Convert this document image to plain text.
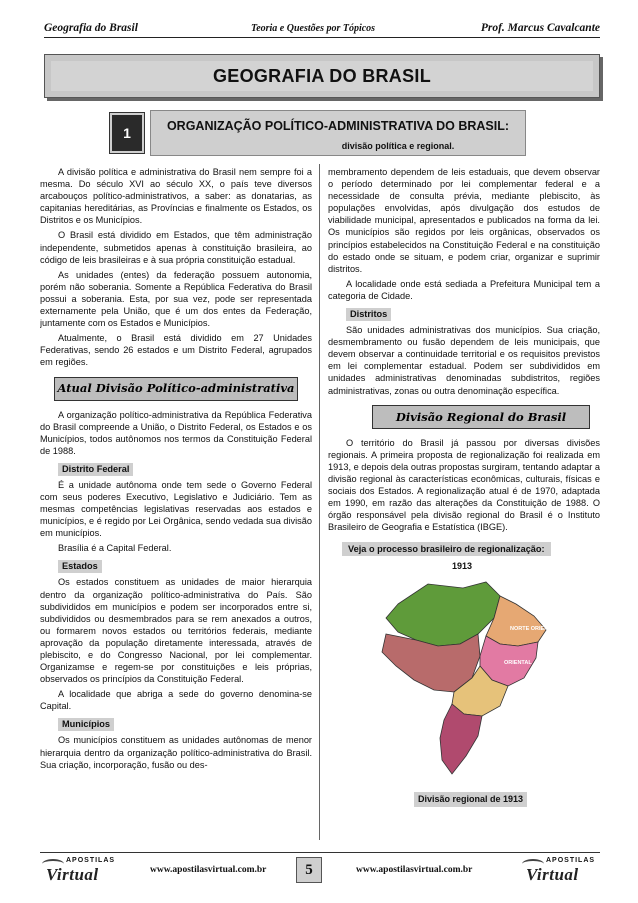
Geografia do Brasil	Teoria e Questões por Tópicos	Prof. Marcus Cavalcante
GEOGRAFIA DO BRASIL
1	ORGANIZAÇÃO POLÍTICO-ADMINISTRATIVA DO BRASIL:
divisão política e regional.

A divisão política e administrativa do Brasil nem sempre foi a mesma. Do século XVI ao século XX, o país teve diversos arcabouços político-administrativos, a saber: as donatarias, as capitanias hereditárias, as Províncias e finalmente os Estados, os Distritos e os Municípios.

O Brasil está dividido em Estados, que têm administração independente, submetidos apenas à constituição brasileira, ao código de leis brasileiras e à sua própria constituição estadual.

As unidades (entes) da federação possuem autonomia, porém não soberania. Somente a República Federativa do Brasil possui a soberania. Esta, por sua vez, pode ser representada externamente pela União, que é um dos entes da Federação, juntamente com os Estados e Municípios.

Atualmente, o Brasil está dividido em 27 Unidades Federativas, sendo 26 estados e um Distrito Federal, agrupados em regiões.

Atual Divisão Político-administrativa

A organização político-administrativa da República Federativa do Brasil compreende a União, o Distrito Federal, os Estados e os Municípios, todos autônomos nos termos da Constituição Federal de 1988.

Distrito Federal

É a unidade autônoma onde tem sede o Governo Federal com seus poderes Executivo, Legislativo e Judiciário. Tem as mesmas competências legislativas reservadas aos estados e municípios, e é regido por Lei Orgânica, sendo vedada sua divisão em municípios.

Brasília é a Capital Federal.

Estados

Os estados constituem as unidades de maior hierarquia dentro da organização político-administrativa do País. São subdivididos em municípios e podem ser incorporados entre si, subdivididos ou desmembrados para se rem anexados a outros, ou formarem novos estados ou territórios federais, mediante aprovação da população diretamente interessada, através de plebiscito, e do Congresso Nacional, por lei complementar. Organizamse e regem-se por constituições e leis próprias, observados os princípios da Constituição Federal.

A localidade que abriga a sede do governo denomina-se Capital.

Municípios

Os municípios constituem as unidades autônomas de menor hierarquia dentro da organização político-administrativa do Brasil. Sua criação, incorporação, fusão ou des-

membramento dependem de leis estaduais, que devem observar o período determinado por lei complementar federal e a necessidade de consulta prévia, mediante plebiscito, às populações envolvidas, após divulgação dos estudos de viabilidade municipal, apresentados e publicados na forma da lei. Os municípios são regidos por leis orgânicas, observados os princípios estabelecidos na Constituição Federal e na constituição do estado onde se situam, e podem criar, organizar e suprimir distritos.

A localidade onde está sediada a Prefeitura Municipal tem a categoria de Cidade.

Distritos

São unidades administrativas dos municípios. Sua criação, desmembramento ou fusão dependem de leis municipais, que devem observar a continuidade territorial e os requisitos previstos em lei complementar estadual. Podem ser subdivididos em unidades administrativas denominadas subdistritos, regiões administrativas, zonas ou outra denominação específica.

Divisão Regional do Brasil

O território do Brasil já passou por diversas divisões regionais. A primeira proposta de regionalização foi realizada em 1913, e depois dela outras propostas surgiram, tentando adaptar a divisão regional às características econômicas, culturais, físicas e sociais dos Estados. A regionalização atual é de 1970, adaptada em 1990, em razão das alterações da Constituição de 1988. O órgão responsável pela divisão regional do Brasil é o Instituto Brasileiro de Geografia e Estatística (IBGE).

Veja o processo brasileiro de regionalização:
1913
NORTE ORIENTAL
ORIENTAL
Divisão regional de 1913
APOSTILAS
Virtual	www.apostilasvirtual.com.br	5	www.apostilasvirtual.com.br
APOSTILAS
Virtual
